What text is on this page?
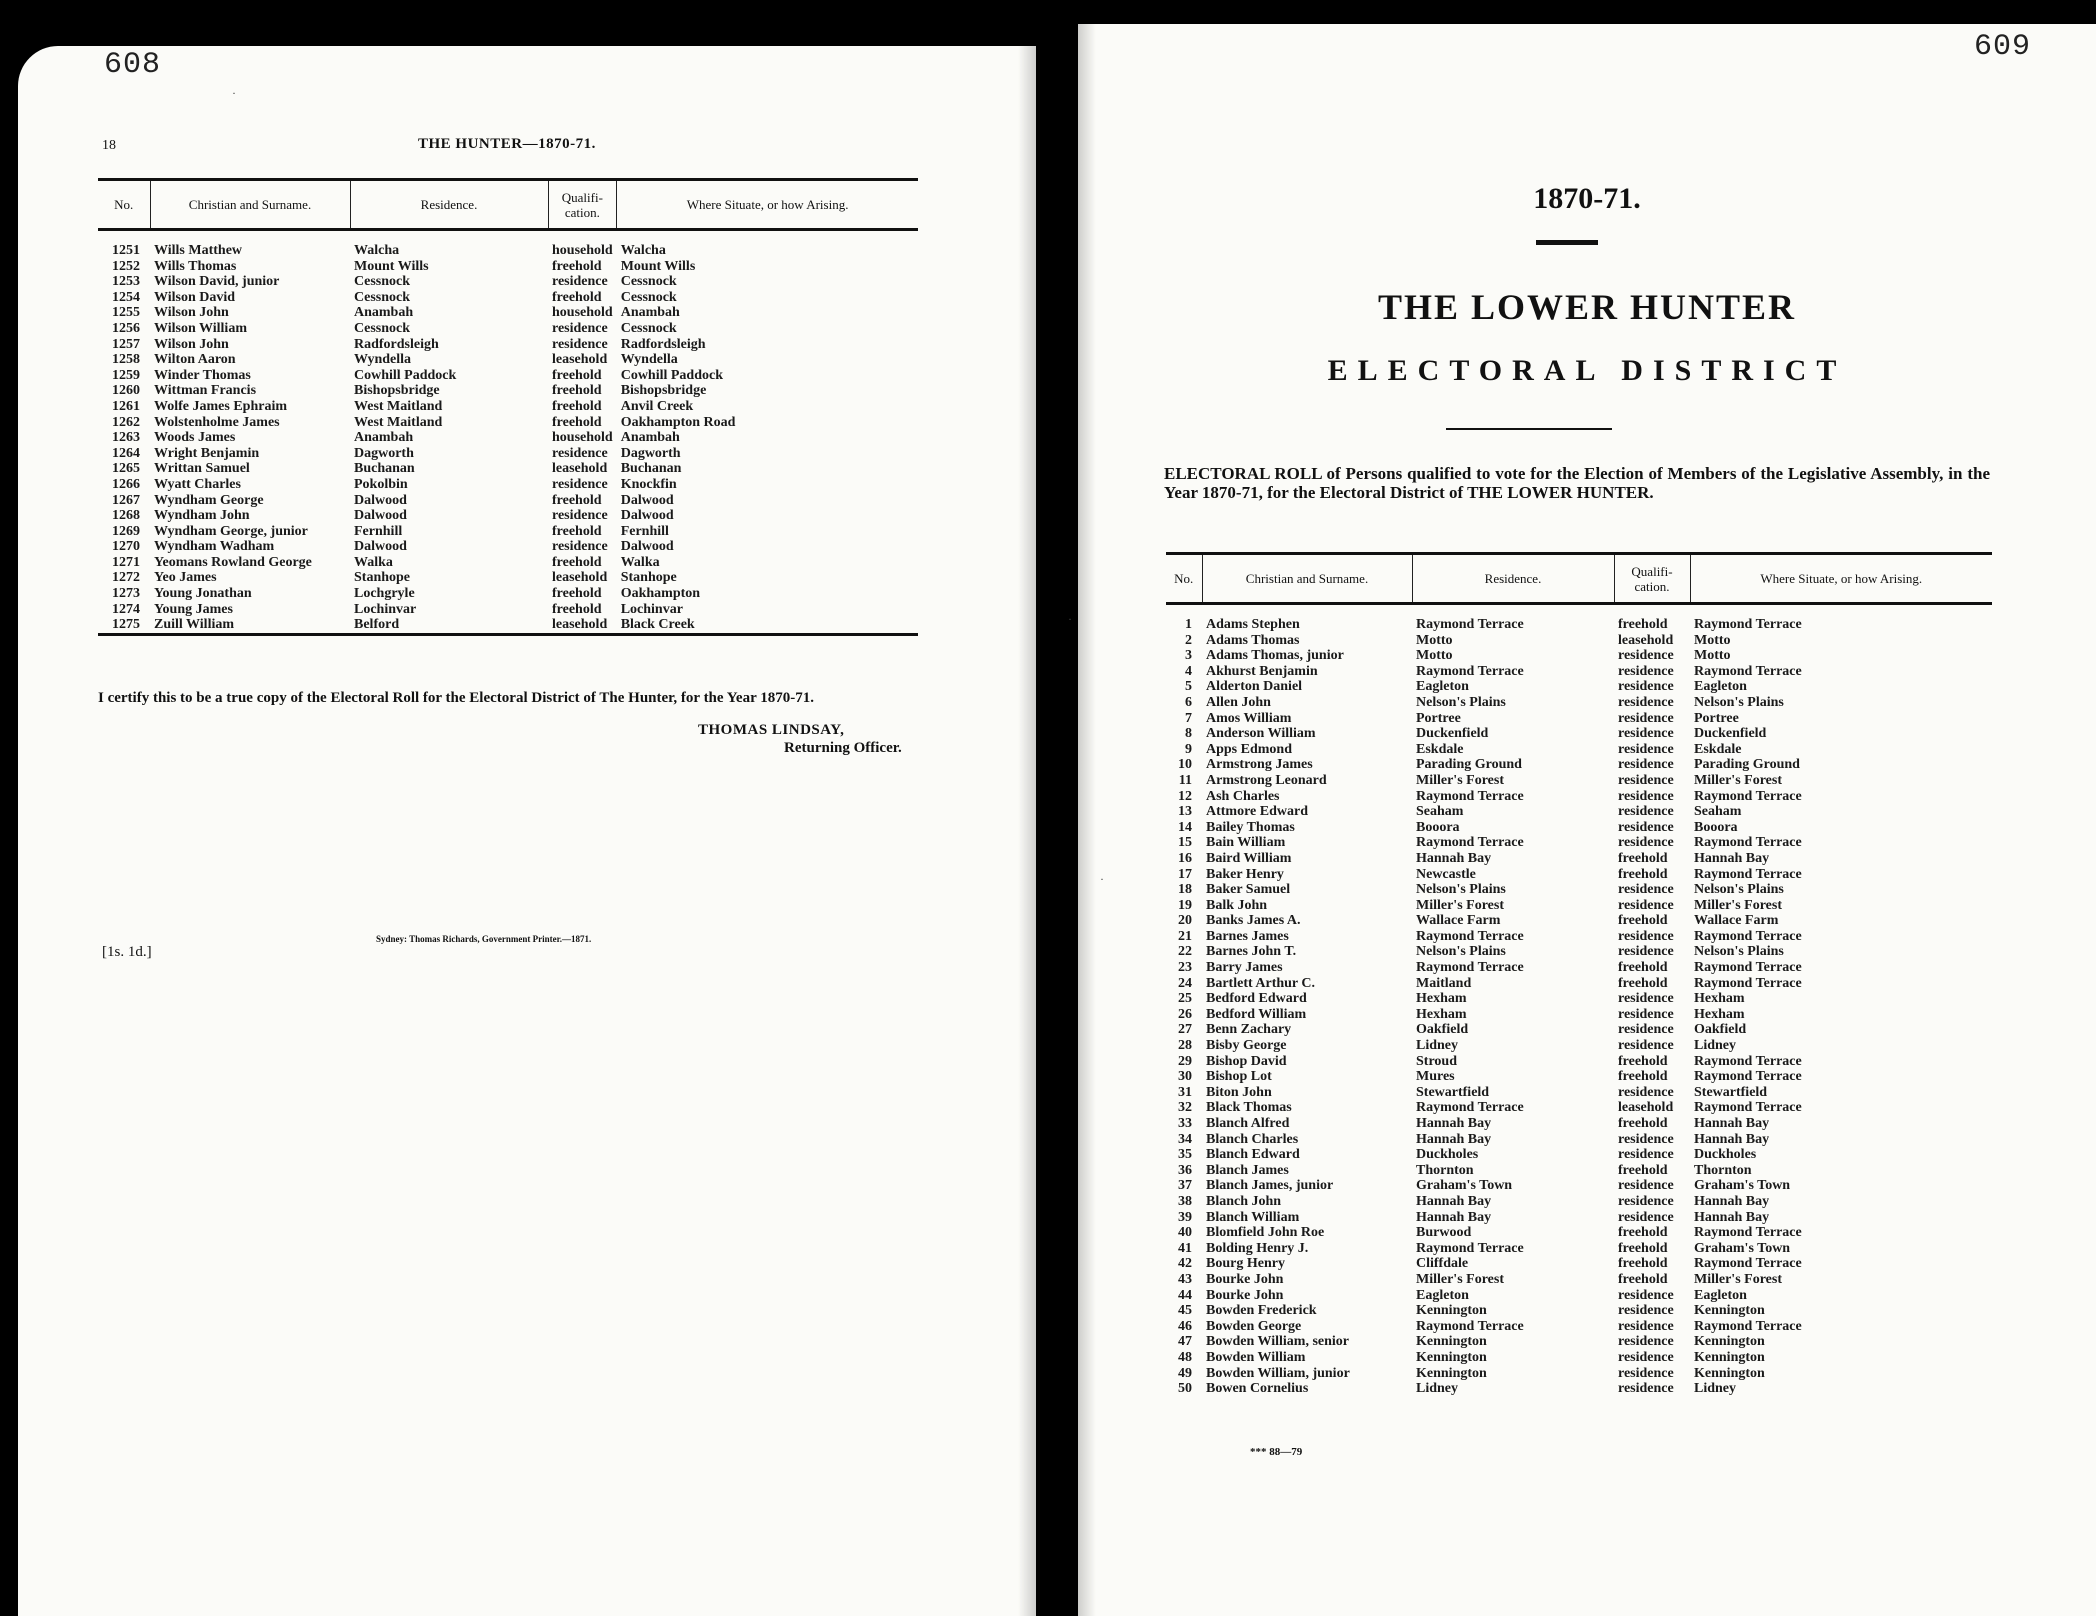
608
18	THE HUNTER—1870-71.
No.	Christian and Surname.	Residence.	Qualifi-cation.	Where Situate, or how Arising.

1251	Wills Matthew	Walcha	household	Walcha
1252	Wills Thomas	Mount Wills	freehold	Mount Wills
1253	Wilson David, junior	Cessnock	residence	Cessnock
1254	Wilson David	Cessnock	freehold	Cessnock
1255	Wilson John	Anambah	household	Anambah
1256	Wilson William	Cessnock	residence	Cessnock
1257	Wilson John	Radfordsleigh	residence	Radfordsleigh
1258	Wilton Aaron	Wyndella	leasehold	Wyndella
1259	Winder Thomas	Cowhill Paddock	freehold	Cowhill Paddock
1260	Wittman Francis	Bishopsbridge	freehold	Bishopsbridge
1261	Wolfe James Ephraim	West Maitland	freehold	Anvil Creek
1262	Wolstenholme James	West Maitland	freehold	Oakhampton Road
1263	Woods James	Anambah	household	Anambah
1264	Wright Benjamin	Dagworth	residence	Dagworth
1265	Writtan Samuel	Buchanan	leasehold	Buchanan
1266	Wyatt Charles	Pokolbin	residence	Knockfin
1267	Wyndham George	Dalwood	freehold	Dalwood
1268	Wyndham John	Dalwood	residence	Dalwood
1269	Wyndham George, junior	Fernhill	freehold	Fernhill
1270	Wyndham Wadham	Dalwood	residence	Dalwood
1271	Yeomans Rowland George	Walka	freehold	Walka
1272	Yeo James	Stanhope	leasehold	Stanhope
1273	Young Jonathan	Lochgryle	freehold	Oakhampton
1274	Young James	Lochinvar	freehold	Lochinvar
1275	Zuill William	Belford	leasehold	Black Creek

I certify this to be a true copy of the Electoral Roll for the Electoral District of The Hunter, for the Year 1870-71.
THOMAS LINDSAY,
Returning Officer.
[1s. 1d.]
Sydney: Thomas Richards, Government Printer.—1871.
609
1870-71.
THE LOWER HUNTER
ELECTORAL DISTRICT
ELECTORAL ROLL of Persons qualified to vote for the Election of Members of the Legislative Assembly, in the Year 1870-71, for the Electoral District of THE LOWER HUNTER.
No.	Christian and Surname.	Residence.	Qualifi-cation.	Where Situate, or how Arising.

1	Adams Stephen	Raymond Terrace	freehold	Raymond Terrace
2	Adams Thomas	Motto	leasehold	Motto
3	Adams Thomas, junior	Motto	residence	Motto
4	Akhurst Benjamin	Raymond Terrace	residence	Raymond Terrace
5	Alderton Daniel	Eagleton	residence	Eagleton
6	Allen John	Nelson's Plains	residence	Nelson's Plains
7	Amos William	Portree	residence	Portree
8	Anderson William	Duckenfield	residence	Duckenfield
9	Apps Edmond	Eskdale	residence	Eskdale
10	Armstrong James	Parading Ground	residence	Parading Ground
11	Armstrong Leonard	Miller's Forest	residence	Miller's Forest
12	Ash Charles	Raymond Terrace	residence	Raymond Terrace
13	Attmore Edward	Seaham	residence	Seaham
14	Bailey Thomas	Booora	residence	Booora
15	Bain William	Raymond Terrace	residence	Raymond Terrace
16	Baird William	Hannah Bay	freehold	Hannah Bay
17	Baker Henry	Newcastle	freehold	Raymond Terrace
18	Baker Samuel	Nelson's Plains	residence	Nelson's Plains
19	Balk John	Miller's Forest	residence	Miller's Forest
20	Banks James A.	Wallace Farm	freehold	Wallace Farm
21	Barnes James	Raymond Terrace	residence	Raymond Terrace
22	Barnes John T.	Nelson's Plains	residence	Nelson's Plains
23	Barry James	Raymond Terrace	freehold	Raymond Terrace
24	Bartlett Arthur C.	Maitland	freehold	Raymond Terrace
25	Bedford Edward	Hexham	residence	Hexham
26	Bedford William	Hexham	residence	Hexham
27	Benn Zachary	Oakfield	residence	Oakfield
28	Bisby George	Lidney	residence	Lidney
29	Bishop David	Stroud	freehold	Raymond Terrace
30	Bishop Lot	Mures	freehold	Raymond Terrace
31	Biton John	Stewartfield	residence	Stewartfield
32	Black Thomas	Raymond Terrace	leasehold	Raymond Terrace
33	Blanch Alfred	Hannah Bay	freehold	Hannah Bay
34	Blanch Charles	Hannah Bay	residence	Hannah Bay
35	Blanch Edward	Duckholes	residence	Duckholes
36	Blanch James	Thornton	freehold	Thornton
37	Blanch James, junior	Graham's Town	residence	Graham's Town
38	Blanch John	Hannah Bay	residence	Hannah Bay
39	Blanch William	Hannah Bay	residence	Hannah Bay
40	Blomfield John Roe	Burwood	freehold	Raymond Terrace
41	Bolding Henry J.	Raymond Terrace	freehold	Graham's Town
42	Bourg Henry	Cliffdale	freehold	Raymond Terrace
43	Bourke John	Miller's Forest	freehold	Miller's Forest
44	Bourke John	Eagleton	residence	Eagleton
45	Bowden Frederick	Kennington	residence	Kennington
46	Bowden George	Raymond Terrace	residence	Raymond Terrace
47	Bowden William, senior	Kennington	residence	Kennington
48	Bowden William	Kennington	residence	Kennington
49	Bowden William, junior	Kennington	residence	Kennington
50	Bowen Cornelius	Lidney	residence	Lidney
*** 88—79
·
·
·
